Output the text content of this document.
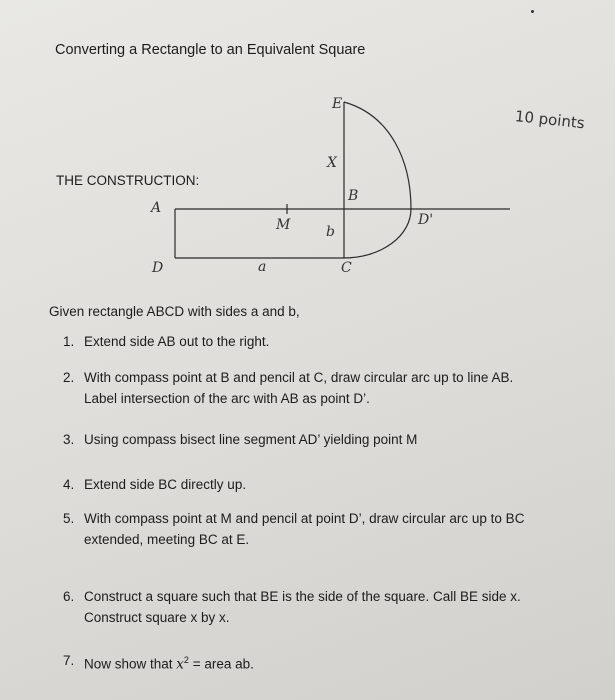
Converting a Rectangle to an Equivalent Square
10 points
THE CONSTRUCTION:
A
D	a
M	b
B
C
E
X
D'
Given rectangle ABCD with sides a and b,
1. Extend side AB out to the right.
2. With compass point at B and pencil at C, draw circular arc up to line AB.
Label intersection of the arc with AB as point D’.
3. Using compass bisect line segment AD’ yielding point M
4. Extend side BC directly up.
5. With compass point at M and pencil at point D’, draw circular arc up to BC
extended, meeting BC at E.
6. Construct a square such that BE is the side of the square. Call BE side x.
Construct square x by x.
7. Now show that $x^2$ = area ab.
